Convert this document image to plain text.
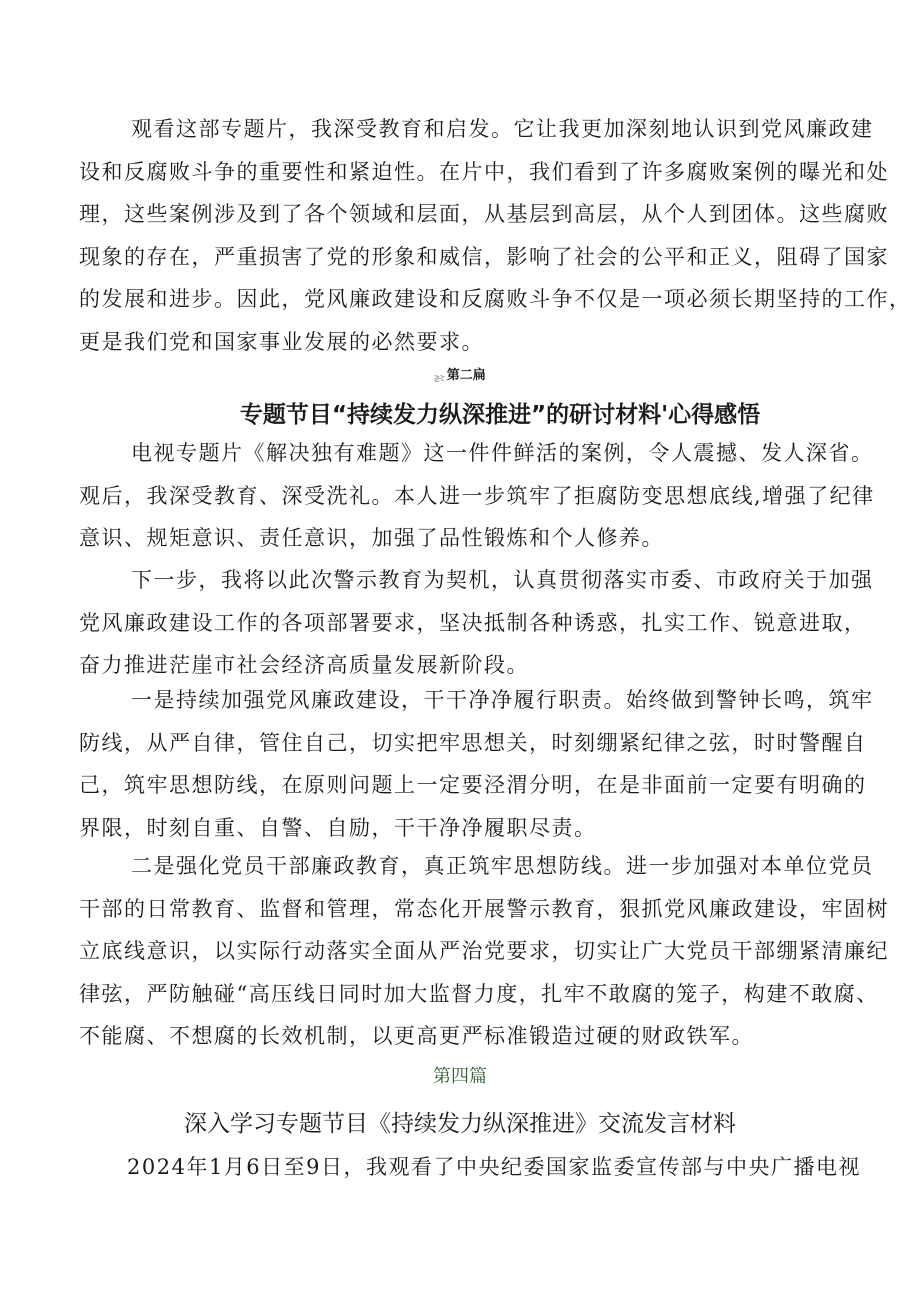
观看这部专题片，我深受教育和启发。它让我更加深刻地认识到党风廉政建
设和反腐败斗争的重要性和紧迫性。在片中，我们看到了许多腐败案例的曝光和处
理，这些案例涉及到了各个领域和层面，从基层到高层，从个人到团体。这些腐败
现象的存在，严重损害了党的形象和威信，影响了社会的公平和正义，阻碍了国家
的发展和进步。因此，党风廉政建设和反腐败斗争不仅是一项必须长期坚持的工作，
更是我们党和国家事业发展的必然要求。
ݘݘ 第二扁
专题节目“持续发力纵深推进”的研讨材料'心得感悟
电视专题片《解决独有难题》这一件件鲜活的案例，令人震撼、发人深省。
观后，我深受教育、深受洗礼。本人进一步筑牢了拒腐防变思想底线,增强了纪律
意识、规矩意识、责任意识，加强了品性锻炼和个人修养。
下一步，我将以此次警示教育为契机，认真贯彻落实市委、市政府关于加强
党风廉政建设工作的各项部署要求，坚决抵制各种诱惑，扎实工作、锐意进取，
奋力推进茫崖市社会经济高质量发展新阶段。
一是持续加强党风廉政建设，干干净净履行职责。始终做到警钟长鸣，筑牢
防线，从严自律，管住自己，切实把牢思想关，时刻绷紧纪律之弦，时时警醒自
己，筑牢思想防线，在原则问题上一定要泾渭分明，在是非面前一定要有明确的
界限，时刻自重、自警、自励，干干净净履职尽责。
二是强化党员干部廉政教育，真正筑牢思想防线。进一步加强对本单位党员
干部的日常教育、监督和管理，常态化开展警示教育，狠抓党风廉政建设，牢固树
立底线意识，以实际行动落实全面从严治党要求，切实让广大党员干部绷紧清廉纪
律弦，严防触碰“高压线日同时加大监督力度，扎牢不敢腐的笼子，构建不敢腐、
不能腐、不想腐的长效机制，以更高更严标准锻造过硬的财政铁军。
第四篇
深入学习专题节目《持续发力纵深推进》交流发言材料
2024年1月6日至9日，我观看了中央纪委国家监委宣传部与中央广播电视
